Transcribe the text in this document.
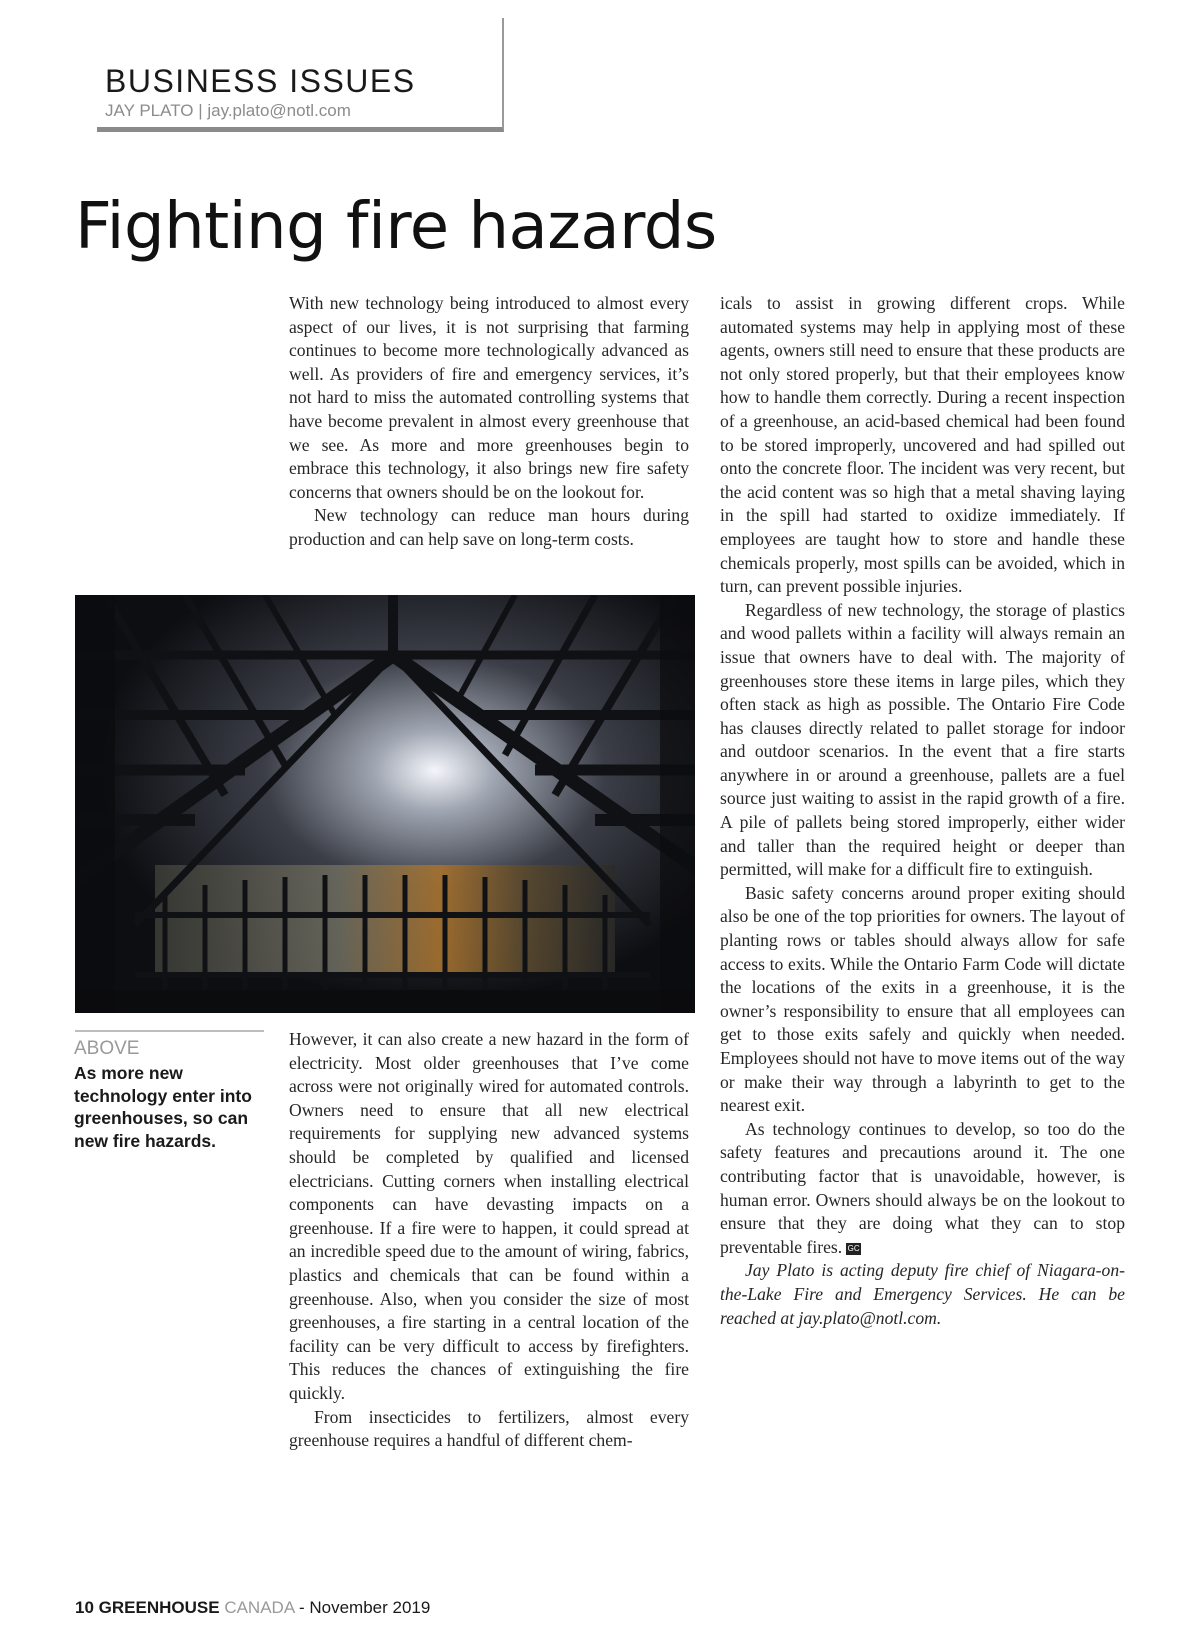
BUSINESS ISSUES
JAY PLATO | jay.plato@notl.com
Fighting fire hazards

With new technology being introduced to almost every aspect of our lives, it is not surprising that farming continues to become more technologically advanced as well. As providers of fire and emergency services, it’s not hard to miss the automated controlling systems that have become prevalent in almost every greenhouse that we see. As more and more greenhouses begin to embrace this technology, it also brings new fire safety concerns that owners should be on the lookout for.

New technology can reduce man hours during production and can help save on long-term costs.

ABOVE
As more new technology enter into greenhouses, so can new fire hazards.

However, it can also create a new hazard in the form of electricity. Most older greenhouses that I’ve come across were not originally wired for automated controls. Owners need to ensure that all new electrical requirements for supplying new advanced systems should be completed by qualified and licensed electricians. Cutting corners when installing electrical components can have devasting impacts on a greenhouse. If a fire were to happen, it could spread at an incredible speed due to the amount of wiring, fabrics, plastics and chemicals that can be found within a greenhouse. Also, when you consider the size of most greenhouses, a fire starting in a central location of the facility can be very difficult to access by firefighters. This reduces the chances of extinguishing the fire quickly.

From insecticides to fertilizers, almost every greenhouse requires a handful of different chem-

icals to assist in growing different crops. While automated systems may help in applying most of these agents, owners still need to ensure that these products are not only stored properly, but that their employees know how to handle them correctly. During a recent inspection of a greenhouse, an acid-based chemical had been found to be stored improperly, uncovered and had spilled out onto the concrete floor. The incident was very recent, but the acid content was so high that a metal shaving laying in the spill had started to oxidize immediately. If employees are taught how to store and handle these chemicals properly, most spills can be avoided, which in turn, can prevent possible injuries.

Regardless of new technology, the storage of plastics and wood pallets within a facility will always remain an issue that owners have to deal with. The majority of greenhouses store these items in large piles, which they often stack as high as possible. The Ontario Fire Code has clauses directly related to pallet storage for indoor and outdoor scenarios. In the event that a fire starts anywhere in or around a greenhouse, pallets are a fuel source just waiting to assist in the rapid growth of a fire. A pile of pallets being stored improperly, either wider and taller than the required height or deeper than permitted, will make for a difficult fire to extinguish.

Basic safety concerns around proper exiting should also be one of the top priorities for owners. The layout of planting rows or tables should always allow for safe access to exits. While the Ontario Farm Code will dictate the locations of the exits in a greenhouse, it is the owner’s responsibility to ensure that all employees can get to those exits safely and quickly when needed. Employees should not have to move items out of the way or make their way through a labyrinth to get to the nearest exit.

As technology continues to develop, so too do the safety features and precautions around it. The one contributing factor that is unavoidable, however, is human error. Owners should always be on the lookout to ensure that they are doing what they can to stop preventable fires. GC

Jay Plato is acting deputy fire chief of Niagara-on-the-Lake Fire and Emergency Services. He can be reached at jay.plato@notl.com.

10 GREENHOUSE CANADA - November 2019
